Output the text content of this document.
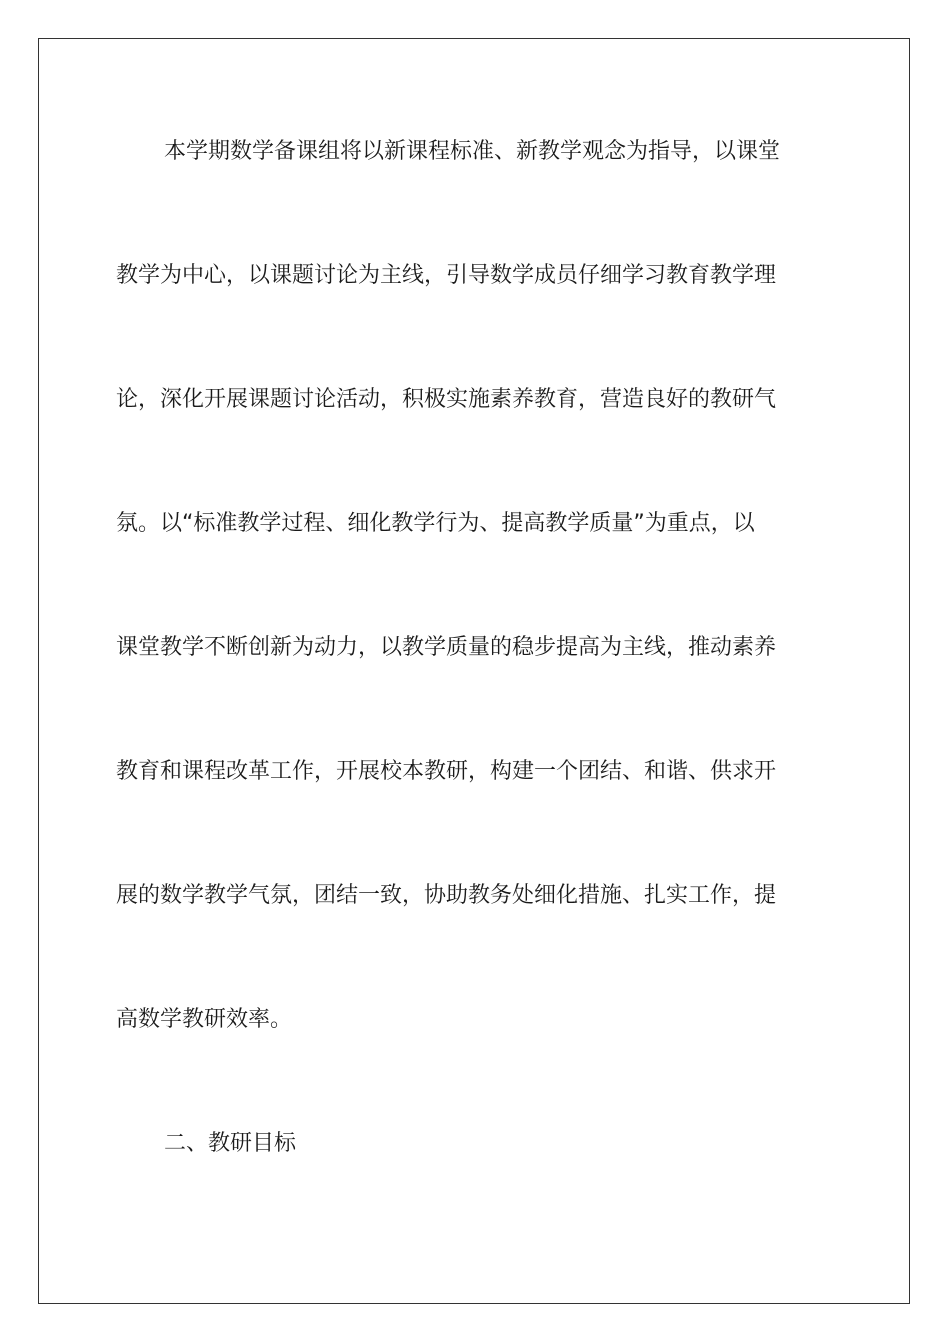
本学期数学备课组将以新课程标准、新教学观念为指导，以课堂
教学为中心，以课题讨论为主线，引导数学成员仔细学习教育教学理
论，深化开展课题讨论活动，积极实施素养教育，营造良好的教研气
氛。以“标准教学过程、细化教学行为、提高教学质量”为重点，以
课堂教学不断创新为动力，以教学质量的稳步提高为主线，推动素养
教育和课程改革工作，开展校本教研，构建一个团结、和谐、供求开
展的数学教学气氛，团结一致，协助教务处细化措施、扎实工作，提
高数学教研效率。
二、教研目标
